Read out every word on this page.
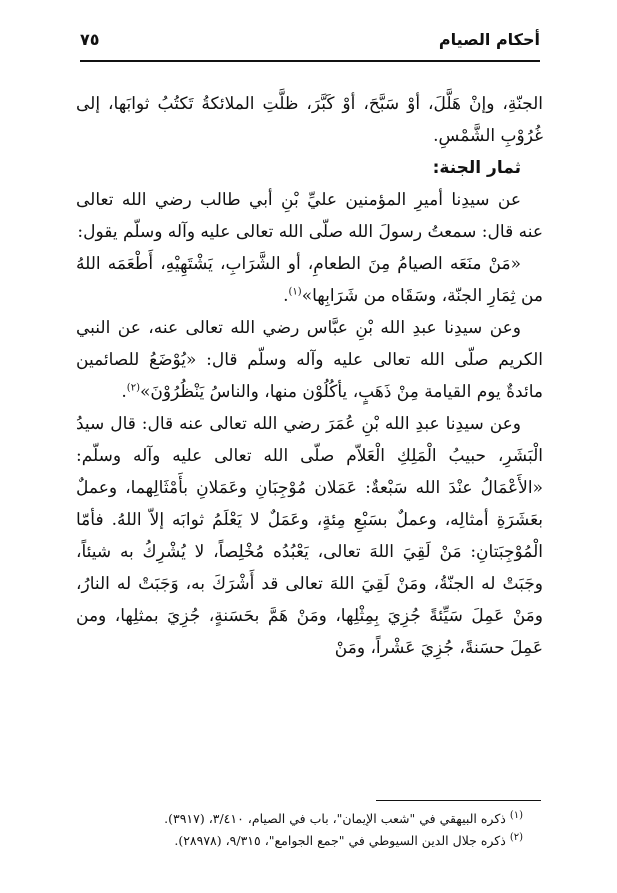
أحكام الصيام
٧٥

الجنّةِ، وإنْ هَلَّلَ، أوْ سَبَّحَ، أوْ كَبَّرَ، ظلَّتِ الملائكةُ تَكتُبُ ثوابَها، إلى غُرُوْبِ الشَّمْسِ.

ثمار الجنة:

عن سيدِنا أميرِ المؤمنين عليِّ بْنِ أبي طالب رضي الله تعالى عنه قال: سمعتُ رسولَ الله صلّى الله تعالى عليه وآله وسلّم يقول:

«مَنْ منَعَه الصيامُ مِنَ الطعامِ، أو الشَّرَابِ، يَشْتَهِيْهِ، أَطْعَمَه اللهُ من ثِمَارِ الجنّة، وسَقَاه من شَرَابِها»$^{(١)}$.

وعن سيدِنا عبدِ الله بْنِ عبَّاس رضي الله تعالى عنه، عن النبي الكريم صلّى الله تعالى عليه وآله وسلّم قال: «يُوْضَعُ للصائمين مائدةٌ يوم القيامة مِنْ ذَهَبٍ، يأكُلُوْن منها، والناسُ يَنْظُرُوْنَ»$^{(٢)}$.

وعن سيدِنا عبدِ الله بْنِ عُمَرَ رضي الله تعالى عنه قال: قال سيدُ الْبَشَرِ، حبيبُ الْمَلِكِ الْعَلاّم صلّى الله تعالى عليه وآله وسلّم: «الأَعْمَالُ عنْدَ الله سَبْعةٌ: عَمَلان مُوْجِبَانِ وعَمَلانِ بأَمْثَالِهما، وعملٌ بعَشَرَةِ أمثالِه، وعملٌ بسَبْعِ مِئةٍ، وعَمَلٌ لا يَعْلَمُ ثوابَه إلاّ اللهُ. فأمّا الْمُوْجِبَتانِ: مَنْ لَقِيَ اللهَ تعالى، يَعْبُدُه مُخْلِصاً، لا يُشْرِكُ به شيئاً، وجَبَتْ له الجنّةُ، ومَنْ لَقِيَ اللهَ تعالى قد أَشْرَكَ به، وَجَبَتْ له النارُ، ومَنْ عَمِلَ سَيِّئةً جُزِيَ بِمِثْلِها، ومَنْ هَمَّ بحَسَنةٍ، جُزِيَ بمثلِها، ومن عَمِلَ حسَنةً، جُزِيَ عَشْراً، ومَنْ

$^{(١)}$ ذكره البيهقي في "شعب الإيمان"، باب في الصيام، ٣/٤١٠، (٣٩١٧).

$^{(٢)}$ ذكره جلال الدين السيوطي في "جمع الجوامع"، ٩/٣١٥، (٢٨٩٧٨).
